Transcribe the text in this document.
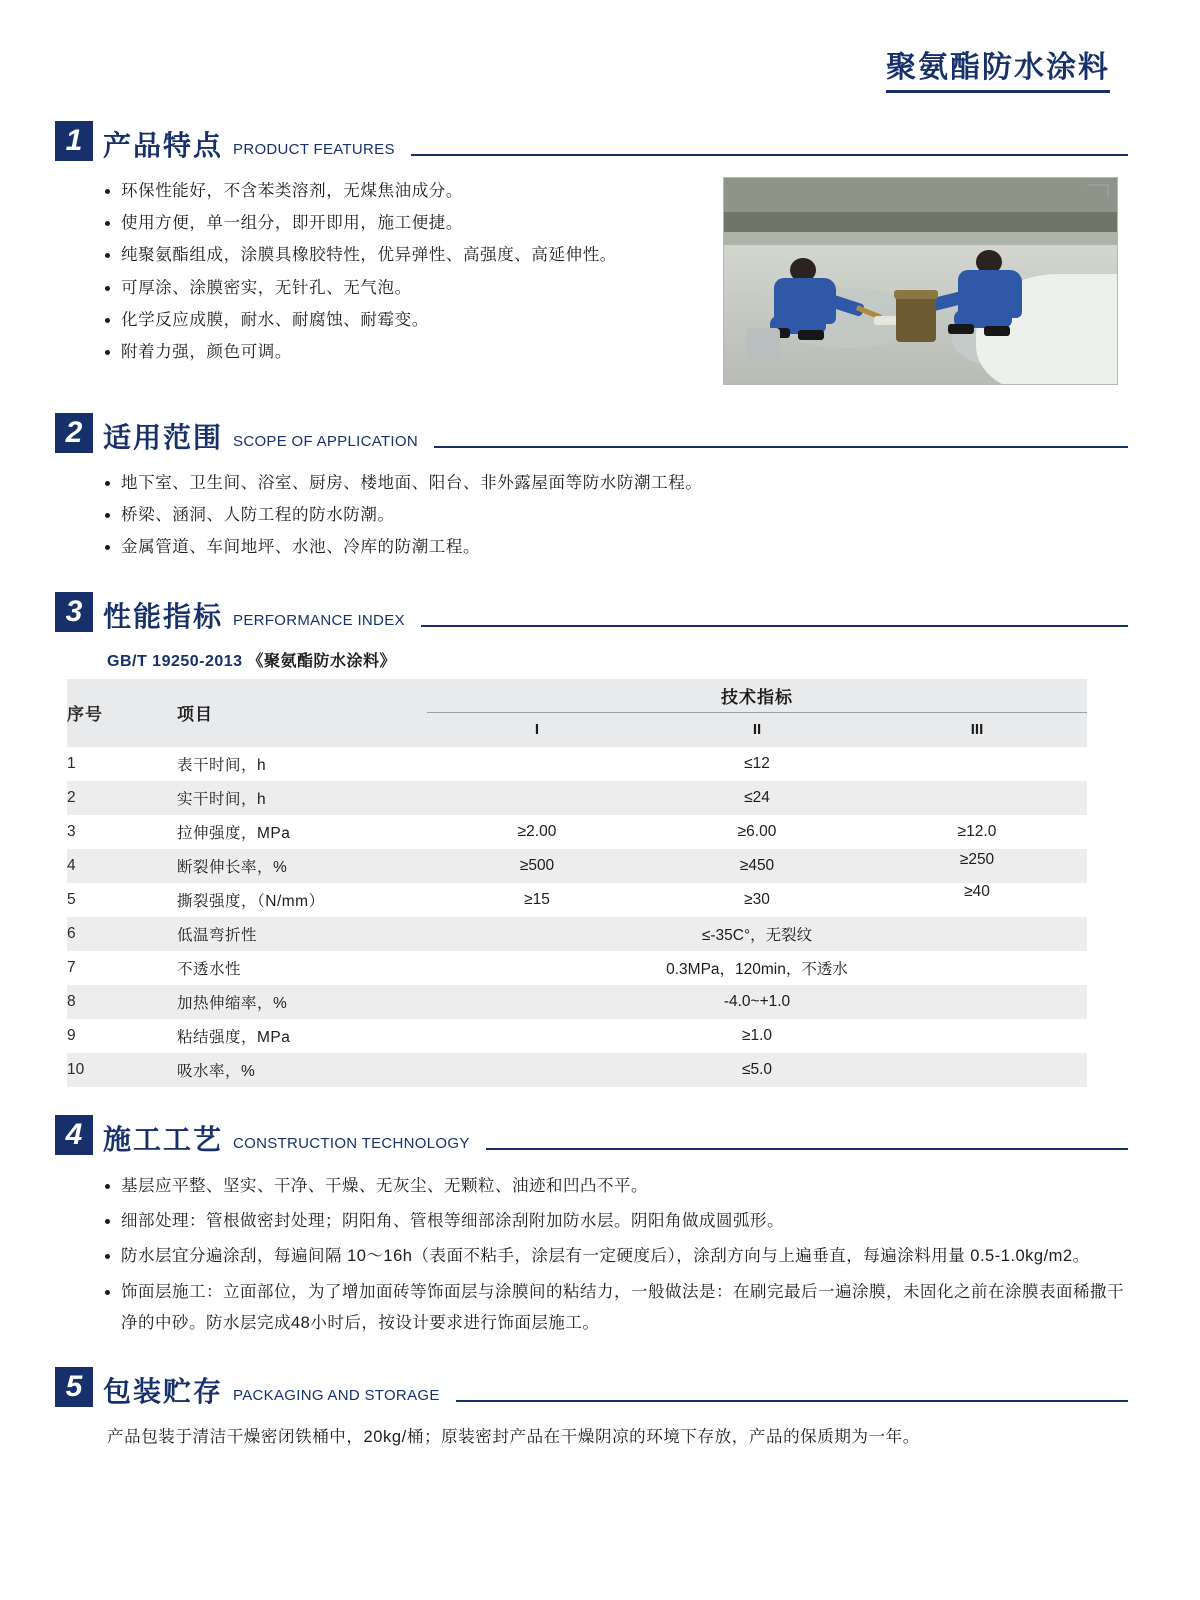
聚氨酯防水涂料
1 产品特点 PRODUCT FEATURES
环保性能好，不含苯类溶剂，无煤焦油成分。
使用方便，单一组分，即开即用，施工便捷。
纯聚氨酯组成，涂膜具橡胶特性，优异弹性、高强度、高延伸性。
可厚涂、涂膜密实，无针孔、无气泡。
化学反应成膜，耐水、耐腐蚀、耐霉变。
附着力强，颜色可调。
2 适用范围 SCOPE OF APPLICATION
地下室、卫生间、浴室、厨房、楼地面、阳台、非外露屋面等防水防潮工程。
桥梁、涵洞、人防工程的防水防潮。
金属管道、车间地坪、水池、冷库的防潮工程。
3 性能指标 PERFORMANCE INDEX
GB/T 19250-2013 《聚氨酯防水涂料》
序号	项目	技术指标		
		I	II	III
1	表干时间，h	≤12		
2	实干时间，h	≤24		
3	拉伸强度，MPa	≥2.00	≥6.00	≥12.0
4	断裂伸长率，%	≥500	≥450	≥250
5	撕裂强度，（N/mm）	≥15	≥30	≥40
6	低温弯折性	≤-35C°，无裂纹		
7	不透水性	0.3MPa，120min，不透水		
8	加热伸缩率，%	-4.0~+1.0		
9	粘结强度，MPa	≥1.0		
10	吸水率，%	≤5.0		
4 施工工艺 CONSTRUCTION TECHNOLOGY
基层应平整、坚实、干净、干燥、无灰尘、无颗粒、油迹和凹凸不平。
细部处理：管根做密封处理；阴阳角、管根等细部涂刮附加防水层。阴阳角做成圆弧形。
防水层宜分遍涂刮，每遍间隔 10～16h（表面不粘手，涂层有一定硬度后），涂刮方向与上遍垂直，每遍涂料用量 0.5-1.0kg/m2。
饰面层施工：立面部位，为了增加面砖等饰面层与涂膜间的粘结力，一般做法是：在刷完最后一遍涂膜，未固化之前在涂膜表面稀撒干净的中砂。防水层完成48小时后，按设计要求进行饰面层施工。
5 包装贮存 PACKAGING AND STORAGE
产品包装于清洁干燥密闭铁桶中，20kg/桶；原装密封产品在干燥阴凉的环境下存放，产品的保质期为一年。
